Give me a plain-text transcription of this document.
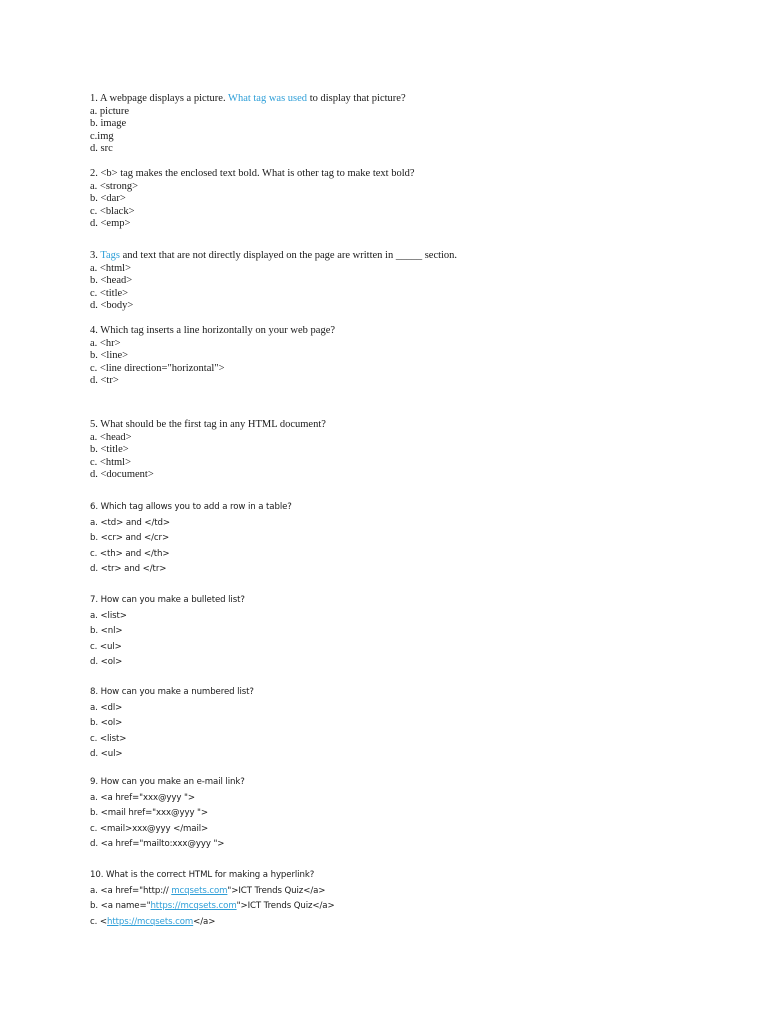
1. A webpage displays a picture. What tag was used to display that picture?
a. picture
b. image
c.img
d. src
2. <b> tag makes the enclosed text bold. What is other tag to make text bold?
a. <strong>
b. <dar>
c. <black>
d. <emp>
3. Tags and text that are not directly displayed on the page are written in _____ section.
a. <html>
b. <head>
c. <title>
d. <body>
4. Which tag inserts a line horizontally on your web page?
a. <hr>
b. <line>
c. <line direction="horizontal">
d. <tr>
5. What should be the first tag in any HTML document?
a. <head>
b. <title>
c. <html>
d. <document>
6. Which tag allows you to add a row in a table?
a. <td> and </td>
b. <cr> and </cr>
c. <th> and </th>
d. <tr> and </tr>
7. How can you make a bulleted list?
a. <list>
b. <nl>
c. <ul>
d. <ol>
8. How can you make a numbered list?
a. <dl>
b. <ol>
c. <list>
d. <ul>
9. How can you make an e-mail link?
a. <a href="xxx@yyy ">
b. <mail href="xxx@yyy ">
c. <mail>xxx@yyy </mail>
d. <a href="mailto:xxx@yyy ">
10. What is the correct HTML for making a hyperlink?
a. <a href="http:// mcqsets.com">ICT Trends Quiz</a>
b. <a name="https://mcqsets.com">ICT Trends Quiz</a>
c. <https://mcqsets.com</a>
